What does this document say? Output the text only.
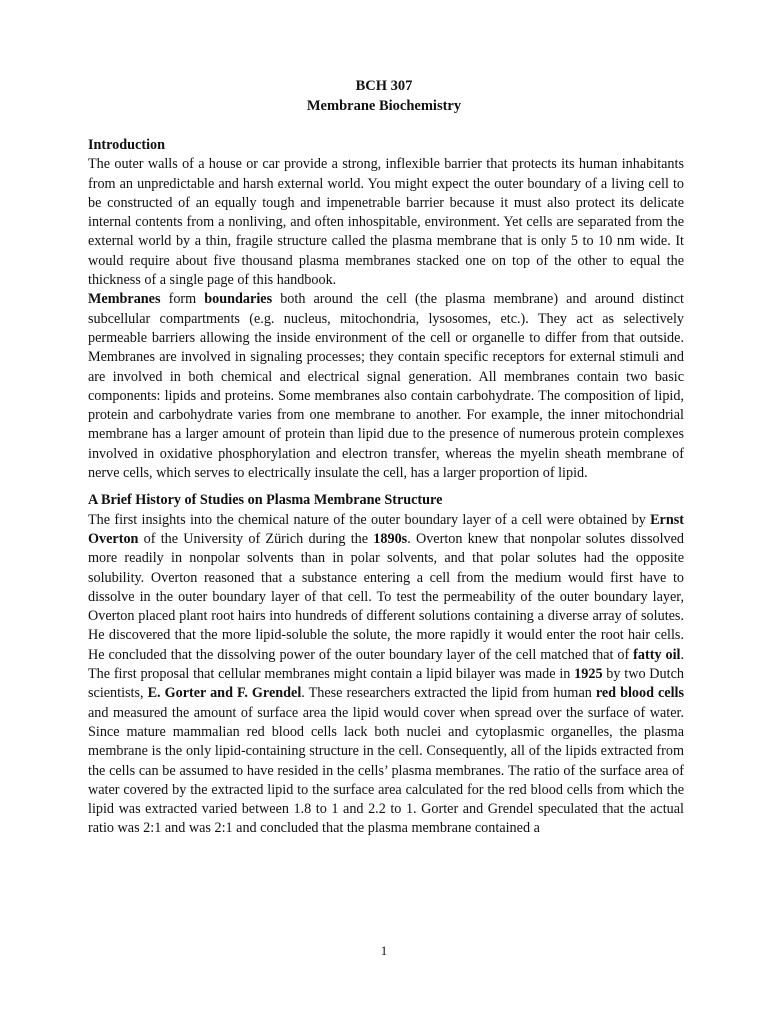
BCH 307
Membrane Biochemistry

Introduction

The outer walls of a house or car provide a strong, inflexible barrier that protects its human inhabitants from an unpredictable and harsh external world. You might expect the outer boundary of a living cell to be constructed of an equally tough and impenetrable barrier because it must also protect its delicate internal contents from a nonliving, and often inhospitable, environment. Yet cells are separated from the external world by a thin, fragile structure called the plasma membrane that is only 5 to 10 nm wide. It would require about five thousand plasma membranes stacked one on top of the other to equal the thickness of a single page of this handbook.

Membranes form boundaries both around the cell (the plasma membrane) and around distinct subcellular compartments (e.g. nucleus, mitochondria, lysosomes, etc.). They act as selectively permeable barriers allowing the inside environment of the cell or organelle to differ from that outside. Membranes are involved in signaling processes; they contain specific receptors for external stimuli and are involved in both chemical and electrical signal generation. All membranes contain two basic components: lipids and proteins. Some membranes also contain carbohydrate. The composition of lipid, protein and carbohydrate varies from one membrane to another. For example, the inner mitochondrial membrane has a larger amount of protein than lipid due to the presence of numerous protein complexes involved in oxidative phosphorylation and electron transfer, whereas the myelin sheath membrane of nerve cells, which serves to electrically insulate the cell, has a larger proportion of lipid.

A Brief History of Studies on Plasma Membrane Structure

The first insights into the chemical nature of the outer boundary layer of a cell were obtained by Ernst Overton of the University of Zürich during the 1890s. Overton knew that nonpolar solutes dissolved more readily in nonpolar solvents than in polar solvents, and that polar solutes had the opposite solubility. Overton reasoned that a substance entering a cell from the medium would first have to dissolve in the outer boundary layer of that cell. To test the permeability of the outer boundary layer, Overton placed plant root hairs into hundreds of different solutions containing a diverse array of solutes. He discovered that the more lipid-soluble the solute, the more rapidly it would enter the root hair cells. He concluded that the dissolving power of the outer boundary layer of the cell matched that of fatty oil. The first proposal that cellular membranes might contain a lipid bilayer was made in 1925 by two Dutch scientists, E. Gorter and F. Grendel. These researchers extracted the lipid from human red blood cells and measured the amount of surface area the lipid would cover when spread over the surface of water. Since mature mammalian red blood cells lack both nuclei and cytoplasmic organelles, the plasma membrane is the only lipid-containing structure in the cell. Consequently, all of the lipids extracted from the cells can be assumed to have resided in the cells’ plasma membranes. The ratio of the surface area of water covered by the extracted lipid to the surface area calculated for the red blood cells from which the lipid was extracted varied between 1.8 to 1 and 2.2 to 1. Gorter and Grendel speculated that the actual ratio was 2:1 and was 2:1 and concluded that the plasma membrane contained a

1
